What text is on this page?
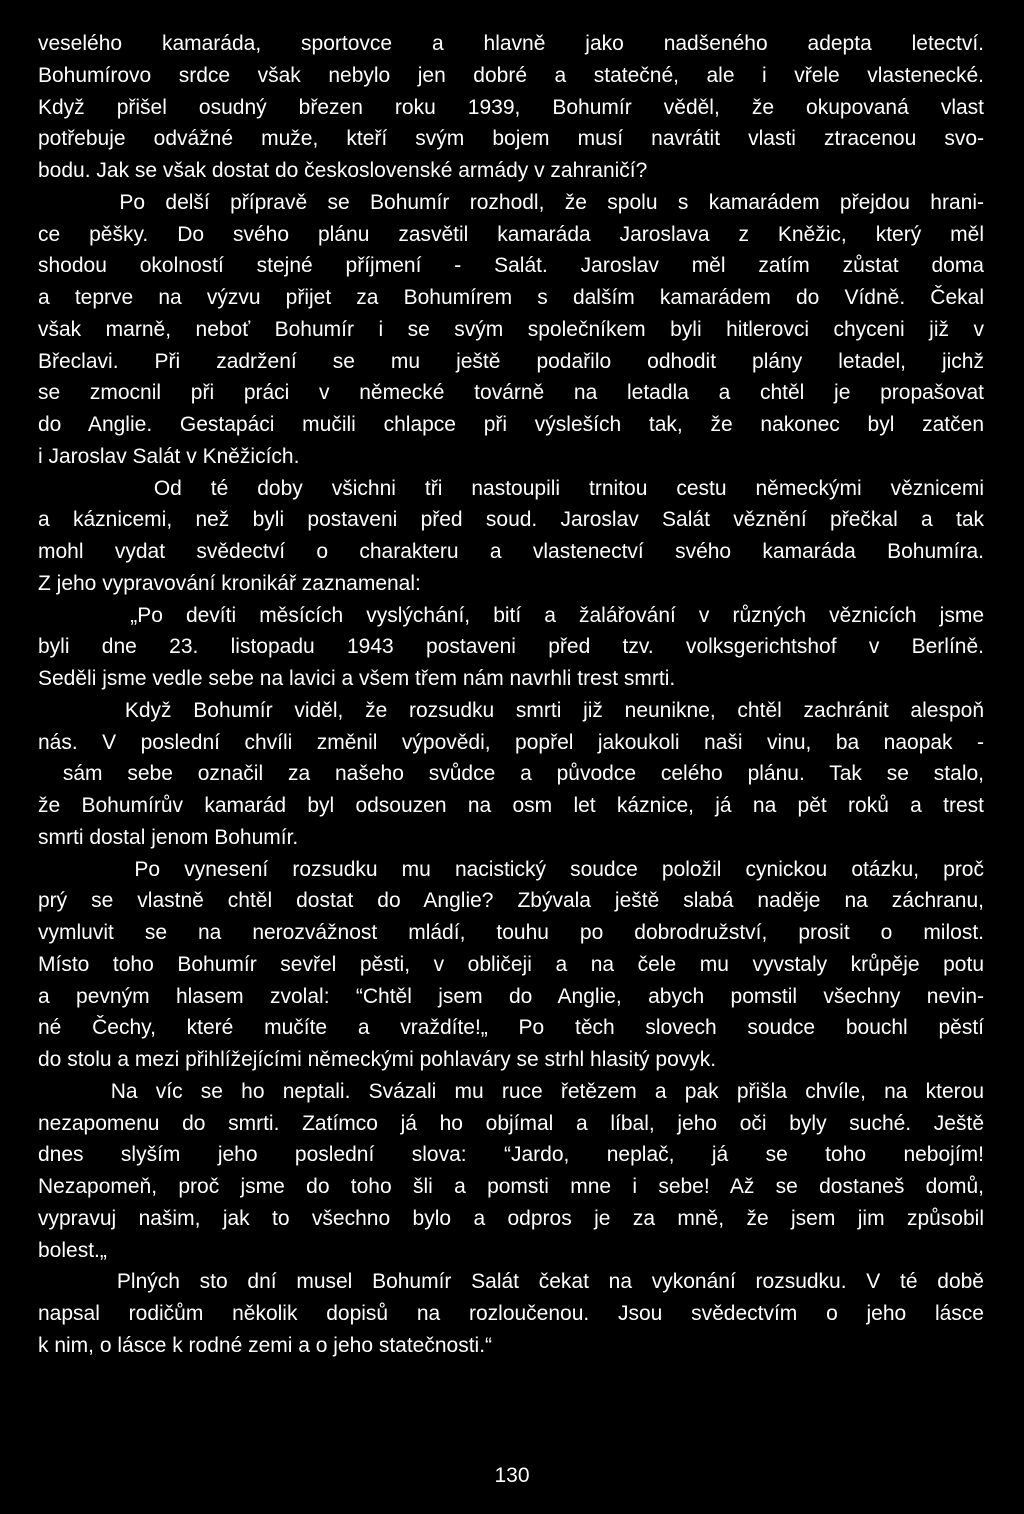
veselého kamaráda, sportovce a hlavně jako nadšeného adepta letectví.
Bohumírovo srdce však nebylo jen dobré a statečné, ale i vřele vlastenecké.
Když přišel osudný březen roku 1939, Bohumír věděl, že okupovaná vlast
potřebuje odvážné muže, kteří svým bojem musí navrátit vlasti ztracenou svo-
bodu. Jak se však dostat do československé armády v zahraničí?
Po delší přípravě se Bohumír rozhodl, že spolu s kamarádem přejdou hrani-
ce pěšky. Do svého plánu zasvětil kamaráda Jaroslava z Kněžic, který měl
shodou okolností stejné příjmení - Salát. Jaroslav měl zatím zůstat doma
a teprve na výzvu přijet za Bohumírem s dalším kamarádem do Vídně. Čekal
však marně, neboť Bohumír i se svým společníkem byli hitlerovci chyceni již v
Břeclavi. Při zadržení se mu ještě podařilo odhodit plány letadel, jichž
se zmocnil při práci v německé továrně na letadla a chtěl je propašovat
do Anglie. Gestapáci mučili chlapce při výsleších tak, že nakonec byl zatčen
i Jaroslav Salát v Kněžicích.
Od té doby všichni tři nastoupili trnitou cestu německými věznicemi
a káznicemi, než byli postaveni před soud. Jaroslav Salát věznění přečkal a tak
mohl vydat svědectví o charakteru a vlastenectví svého kamaráda Bohumíra.
Z jeho vypravování kronikář zaznamenal:
„Po devíti měsících vyslýchání, bití a žalářování v různých věznicích jsme
byli dne 23. listopadu 1943 postaveni před tzv. volksgerichtshof v Berlíně.
Seděli jsme vedle sebe na lavici a všem třem nám navrhli trest smrti.
Když Bohumír viděl, že rozsudku smrti již neunikne, chtěl zachránit alespoň
nás. V poslední chvíli změnil výpovědi, popřel jakoukoli naši vinu, ba naopak -
sám sebe označil za našeho svůdce a původce celého plánu. Tak se stalo,
že Bohumírův kamarád byl odsouzen na osm let káznice, já na pět roků a trest
smrti dostal jenom Bohumír.
Po vynesení rozsudku mu nacistický soudce položil cynickou otázku, proč
prý se vlastně chtěl dostat do Anglie? Zbývala ještě slabá naděje na záchranu,
vymluvit se na nerozvážnost mládí, touhu po dobrodružství, prosit o milost.
Místo toho Bohumír sevřel pěsti, v obličeji a na čele mu vyvstaly krůpěje potu
a pevným hlasem zvolal: “Chtěl jsem do Anglie, abych pomstil všechny nevin-
né Čechy, které mučíte a vraždíte!„ Po těch slovech soudce bouchl pěstí
do stolu a mezi přihlížejícími německými pohlaváry se strhl hlasitý povyk.
Na víc se ho neptali. Svázali mu ruce řetězem a pak přišla chvíle, na kterou
nezapomenu do smrti. Zatímco já ho objímal a líbal, jeho oči byly suché. Ještě
dnes slyším jeho poslední slova: “Jardo, neplač, já se toho nebojím!
Nezapomeň, proč jsme do toho šli a pomsti mne i sebe! Až se dostaneš domů,
vypravuj našim, jak to všechno bylo a odpros je za mně, že jsem jim způsobil
bolest.„
Plných sto dní musel Bohumír Salát čekat na vykonání rozsudku. V té době
napsal rodičům několik dopisů na rozloučenou. Jsou svědectvím o jeho lásce
k nim, o lásce k rodné zemi a o jeho statečnosti.“
130
